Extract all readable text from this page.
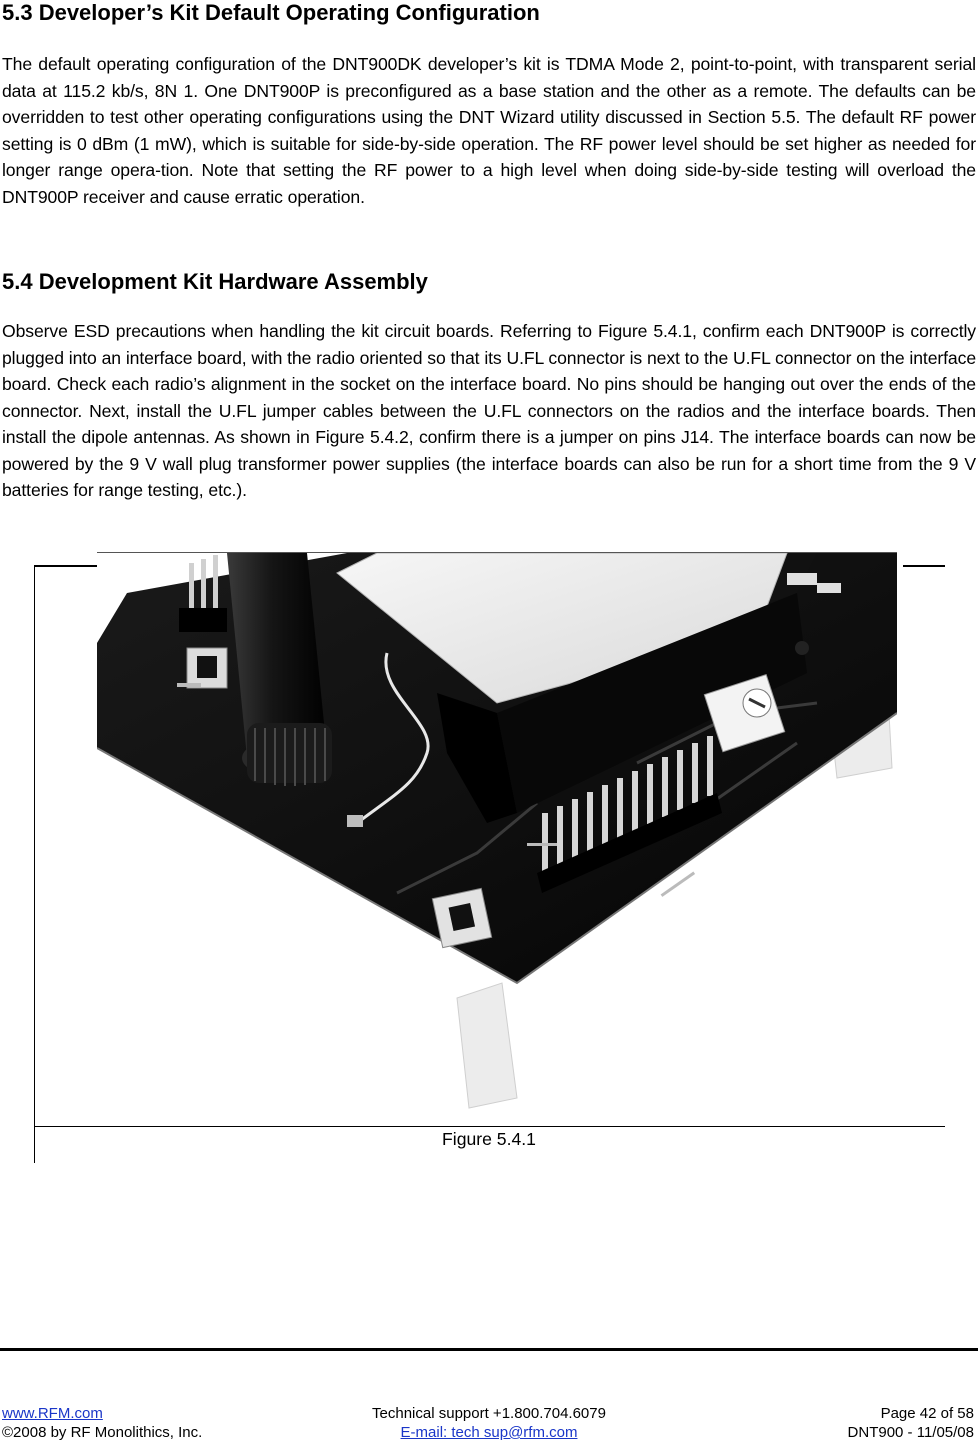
5.3 Developer’s Kit Default Operating Configuration

The default operating configuration of the DNT900DK developer’s kit is TDMA Mode 2, point-to-point, with transparent serial data at 115.2 kb/s, 8N 1. One DNT900P is preconfigured as a base station and the other as a remote. The defaults can be overridden to test other operating configurations using the DNT Wizard utility discussed in Section 5.5. The default RF power setting is 0 dBm (1 mW), which is suitable for side-by-side operation. The RF power level should be set higher as needed for longer range opera-tion. Note that setting the RF power to a high level when doing side-by-side testing will overload the DNT900P receiver and cause erratic operation.

5.4 Development Kit Hardware Assembly

Observe ESD precautions when handling the kit circuit boards. Referring to Figure 5.4.1, confirm each DNT900P is correctly plugged into an interface board, with the radio oriented so that its U.FL connector is next to the U.FL connector on the interface board. Check each radio’s alignment in the socket on the interface board. No pins should be hanging out over the ends of the connector. Next, install the U.FL jumper cables between the U.FL connectors on the radios and the interface boards. Then install the dipole antennas. As shown in Figure 5.4.2, confirm there is a jumper on pins J14. The interface boards can now be powered by the 9 V wall plug transformer power supplies (the interface boards can also be run for a short time from the 9 V batteries for range testing, etc.).

Figure 5.4.1
www.RFM.com
©2008 by RF Monolithics, Inc.
Technical support +1.800.704.6079
E-mail: tech sup@rfm.com
Page 42 of 58
DNT900 - 11/05/08
